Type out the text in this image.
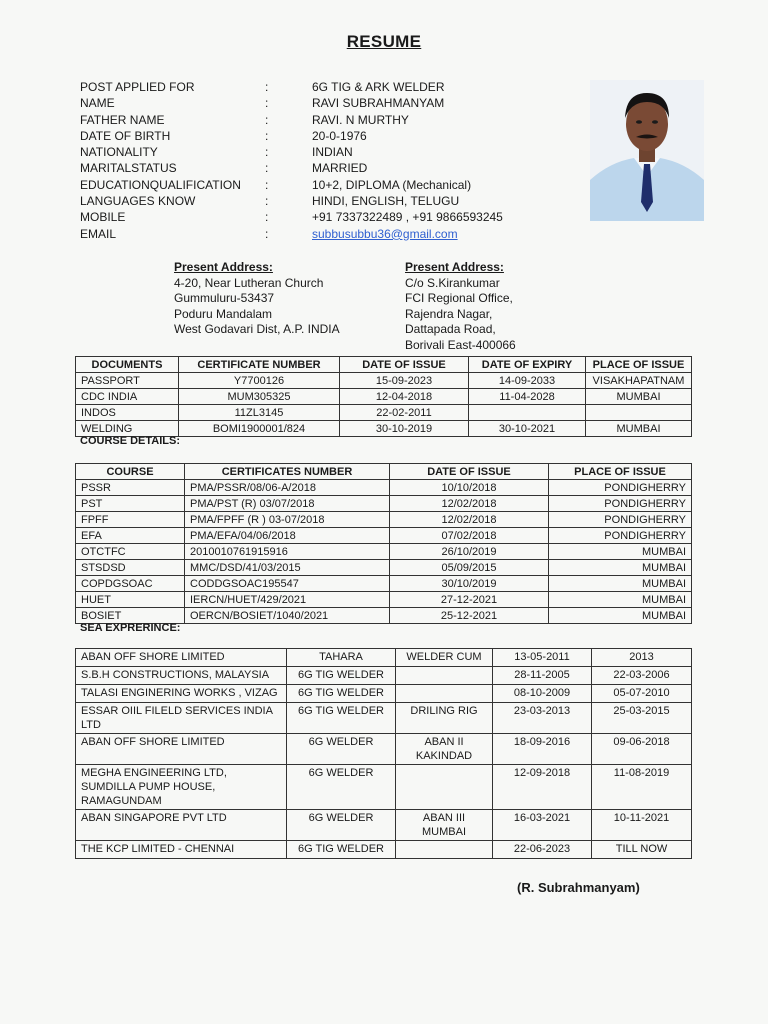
RESUME
POST APPLIED FOR	:	6G TIG & ARK WELDER
NAME	:	RAVI SUBRAHMANYAM
FATHER NAME	:	RAVI. N MURTHY
DATE OF BIRTH	:	20-0-1976
NATIONALITY	:	INDIAN
MARITALSTATUS	:	MARRIED
EDUCATIONQUALIFICATION :	10+2, DIPLOMA (Mechanical)
LANGUAGES KNOW	:	HINDI, ENGLISH, TELUGU
MOBILE	:	+91 7337322489 , +91 9866593245
EMAIL	:	subbusubbu36@gmail.com
Present Address:
4-20, Near Lutheran Church
Gummuluru-53437
Poduru Mandalam
West Godavari Dist, A.P. INDIA
Present Address:
C/o S.Kirankumar
FCI Regional Office,
Rajendra Nagar,
Dattapada Road,
Borivali East-400066
DOCUMENTS	CERTIFICATE NUMBER	DATE OF ISSUE	DATE OF EXPIRY	PLACE OF ISSUE
PASSPORT	Y7700126	15-09-2023	14-09-2033	VISAKHAPATNAM
CDC INDIA	MUM305325	12-04-2018	11-04-2028	MUMBAI
INDOS	11ZL3145	22-02-2011		
WELDING	BOMI1900001/824	30-10-2019	30-10-2021	MUMBAI
COURSE DETAILS:
COURSE	CERTIFICATES NUMBER	DATE OF ISSUE	PLACE OF ISSUE
PSSR	PMA/PSSR/08/06-A/2018	10/10/2018	PONDIGHERRY
PST	PMA/PST (R) 03/07/2018	12/02/2018	PONDIGHERRY
FPFF	PMA/FPFF (R ) 03-07/2018	12/02/2018	PONDIGHERRY
EFA	PMA/EFA/04/06/2018	07/02/2018	PONDIGHERRY
OTCTFC	2010010761915916	26/10/2019	MUMBAI
STSDSD	MMC/DSD/41/03/2015	05/09/2015	MUMBAI
COPDGSOAC	CODDGSOAC195547	30/10/2019	MUMBAI
HUET	IERCN/HUET/429/2021	27-12-2021	MUMBAI
BOSIET	OERCN/BOSIET/1040/2021	25-12-2021	MUMBAI
SEA EXPRERINCE:
ABAN OFF SHORE LIMITED	TAHARA	WELDER CUM	13-05-2011	2013
S.B.H CONSTRUCTIONS, MALAYSIA	6G TIG WELDER		28-11-2005	22-03-2006
TALASI ENGINERING WORKS , VIZAG	6G TIG WELDER		08-10-2009	05-07-2010
ESSAR OIIL FILELD SERVICES INDIA LTD	6G TIG WELDER	DRILING RIG	23-03-2013	25-03-2015
ABAN OFF SHORE LIMITED	6G WELDER	ABAN II KAKINDAD	18-09-2016	09-06-2018
MEGHA ENGINEERING LTD, SUMDILLA PUMP HOUSE, RAMAGUNDAM	6G WELDER		12-09-2018	11-08-2019
ABAN SINGAPORE PVT LTD	6G WELDER	ABAN III MUMBAI	16-03-2021	10-11-2021
THE KCP LIMITED - CHENNAI	6G TIG WELDER		22-06-2023	TILL NOW
(R. Subrahmanyam)
